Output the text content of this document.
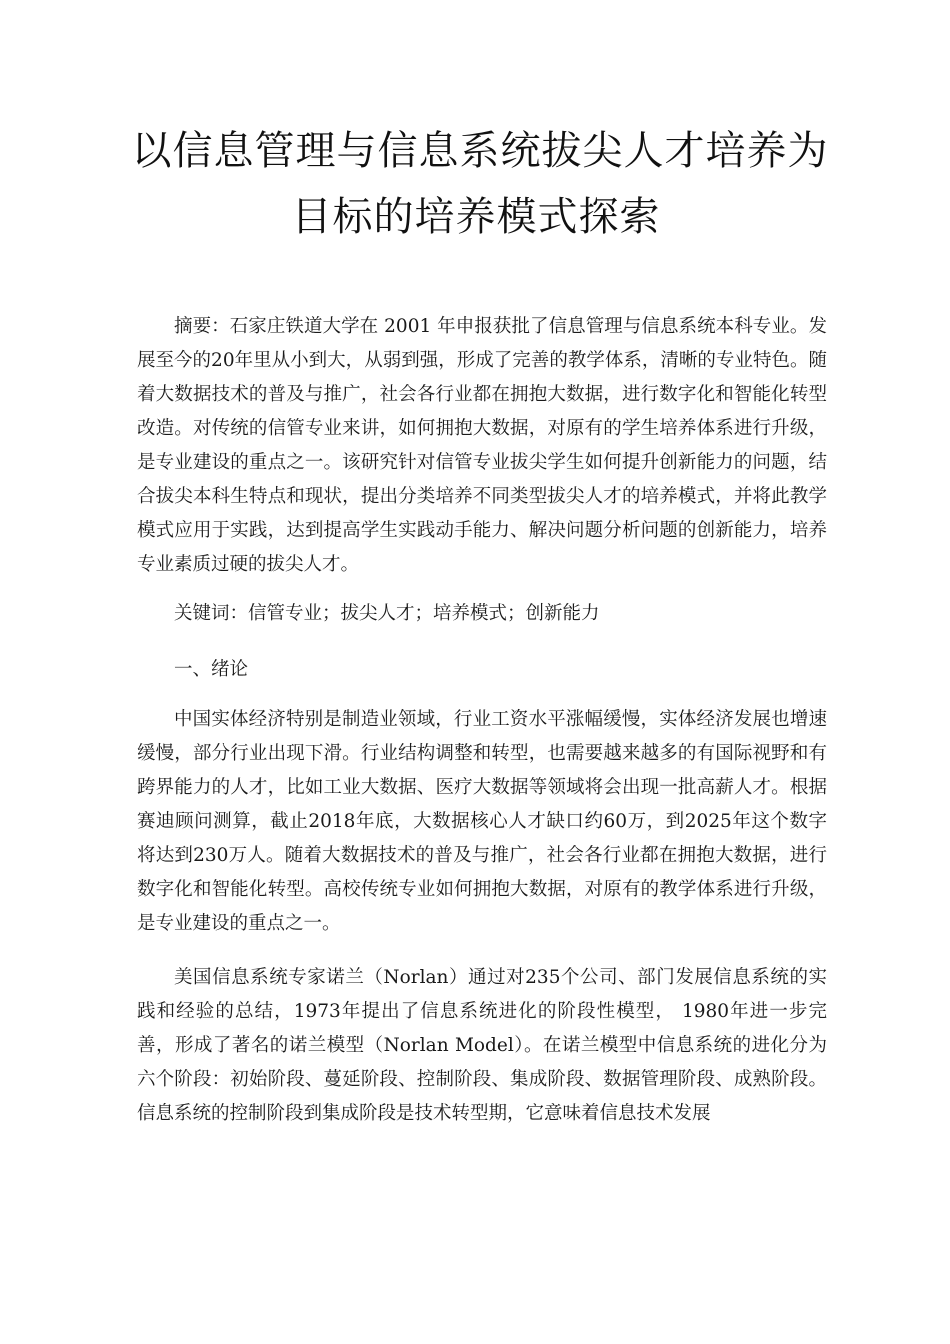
以信息管理与信息系统拔尖人才培养为
目标的培养模式探索

摘要：石家庄铁道大学在 2001 年申报获批了信息管理与信息系统本科专业。发展至今的20年里从小到大，从弱到强，形成了完善的教学体系，清晰的专业特色。随着大数据技术的普及与推广，社会各行业都在拥抱大数据，进行数字化和智能化转型改造。对传统的信管专业来讲，如何拥抱大数据，对原有的学生培养体系进行升级，是专业建设的重点之一。该研究针对信管专业拔尖学生如何提升创新能力的问题，结合拔尖本科生特点和现状，提出分类培养不同类型拔尖人才的培养模式，并将此教学模式应用于实践，达到提高学生实践动手能力、解决问题分析问题的创新能力，培养专业素质过硬的拔尖人才。

关键词：信管专业；拔尖人才；培养模式；创新能力

一、绪论

中国实体经济特别是制造业领域，行业工资水平涨幅缓慢，实体经济发展也增速缓慢，部分行业出现下滑。行业结构调整和转型，也需要越来越多的有国际视野和有跨界能力的人才，比如工业大数据、医疗大数据等领域将会出现一批高薪人才。根据赛迪顾问测算，截止2018年底，大数据核心人才缺口约60万，到2025年这个数字将达到230万人。随着大数据技术的普及与推广，社会各行业都在拥抱大数据，进行数字化和智能化转型。高校传统专业如何拥抱大数据，对原有的教学体系进行升级，是专业建设的重点之一。

美国信息系统专家诺兰（Norlan）通过对235个公司、部门发展信息系统的实践和经验的总结，1973年提出了信息系统进化的阶段性模型， 1980年进一步完善，形成了著名的诺兰模型（Norlan Model）。在诺兰模型中信息系统的进化分为六个阶段：初始阶段、蔓延阶段、控制阶段、集成阶段、数据管理阶段、成熟阶段。信息系统的控制阶段到集成阶段是技术转型期，它意味着信息技术发展
